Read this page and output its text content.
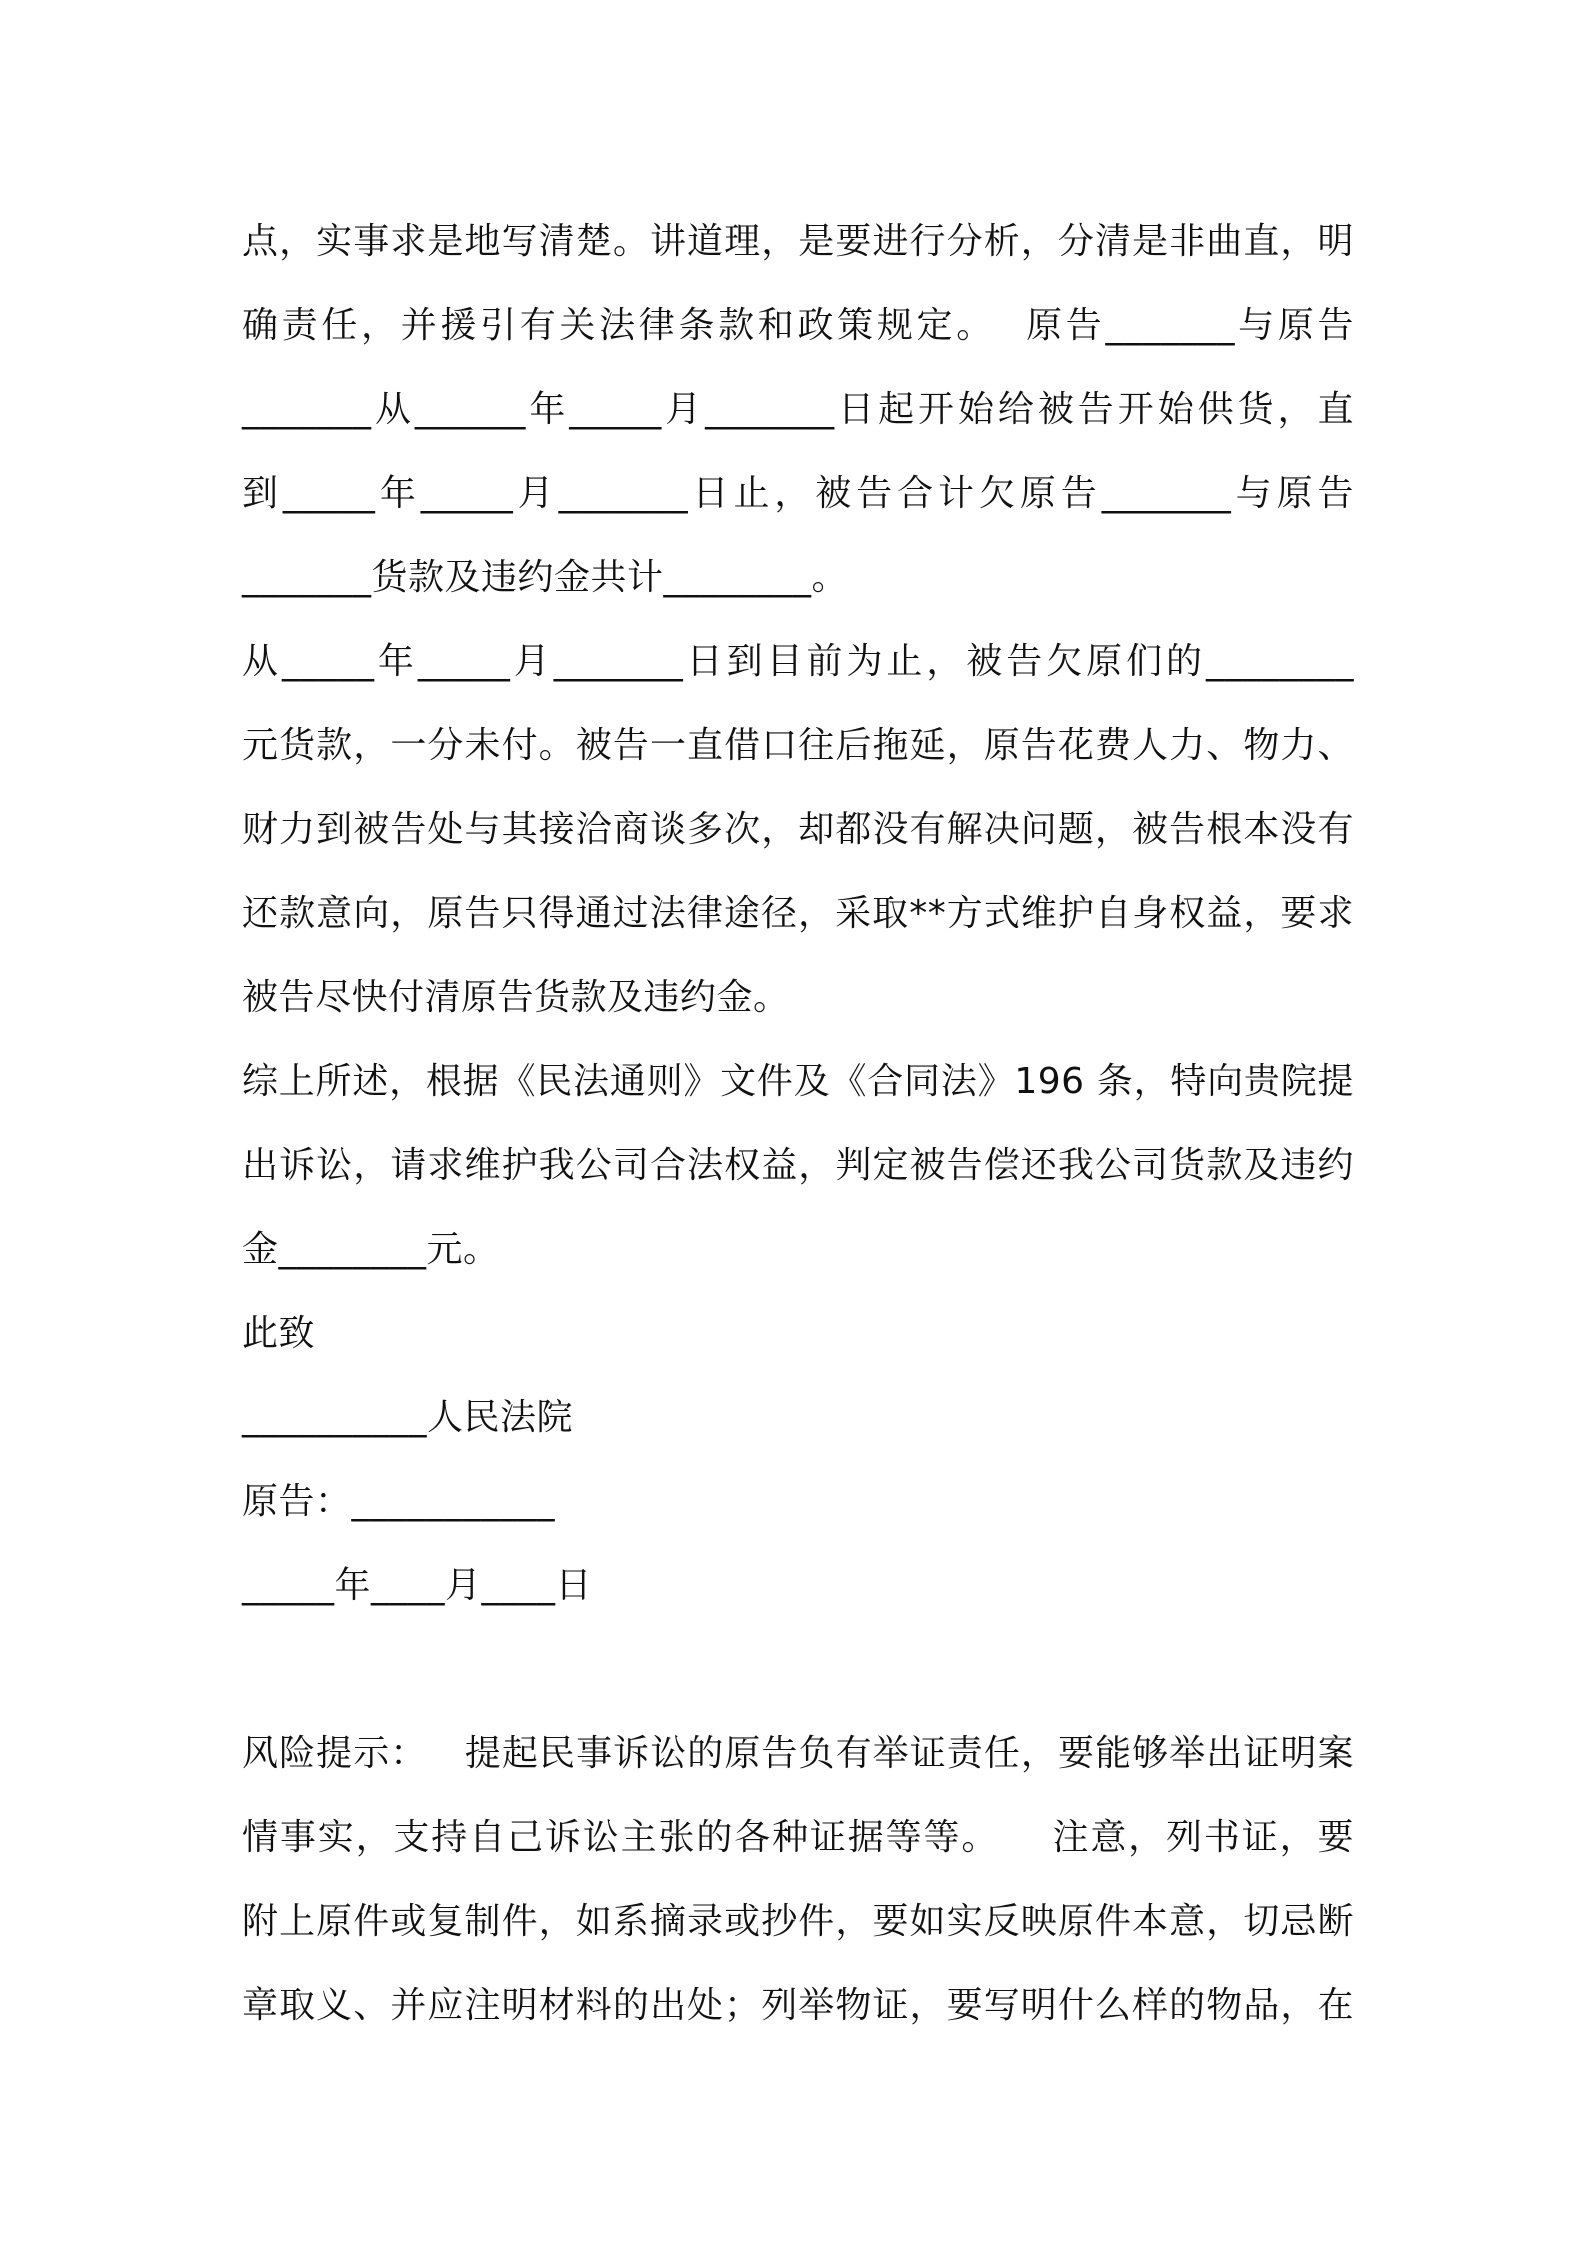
点，实事求是地写清楚。讲道理，是要进行分析，分清是非曲直，明
确责任，并援引有关法律条款和政策规定。  原告_______与原告
_______从______年_____月_______日起开始给被告开始供货，直
到_____年_____月_______日止，被告合计欠原告_______与原告
_______货款及违约金共计________。
从_____年_____月_______日到目前为止，被告欠原们的________
元货款，一分未付。被告一直借口往后拖延，原告花费人力、物力、
财力到被告处与其接洽商谈多次，却都没有解决问题，被告根本没有
还款意向，原告只得通过法律途径，采取**方式维护自身权益，要求
被告尽快付清原告货款及违约金。
综上所述，根据《民法通则》文件及《合同法》196 条，特向贵院提
出诉讼，请求维护我公司合法权益，判定被告偿还我公司货款及违约
金________元。
此致
__________人民法院
原告：___________
_____年____月____日
风险提示：   提起民事诉讼的原告负有举证责任，要能够举出证明案
情事实，支持自己诉讼主张的各种证据等等。    注意，列书证，要
附上原件或复制件，如系摘录或抄件，要如实反映原件本意，切忌断
章取义、并应注明材料的出处；列举物证，要写明什么样的物品，在
